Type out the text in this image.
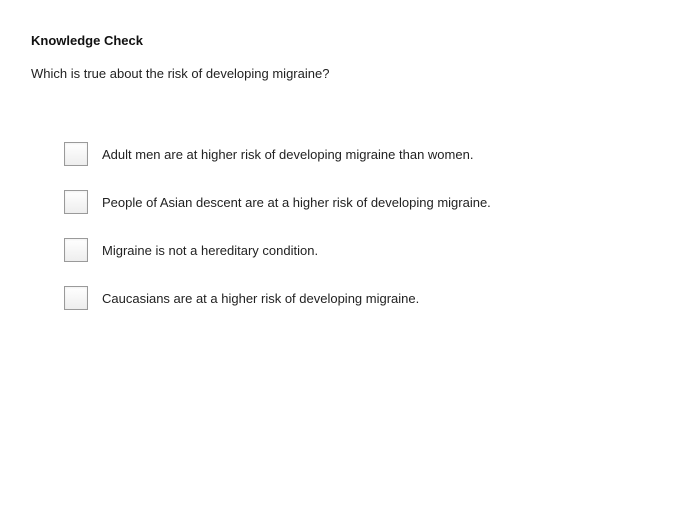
Knowledge Check
Which is true about the risk of developing migraine?
Adult men are at higher risk of developing migraine than women.
People of Asian descent are at a higher risk of developing migraine.
Migraine is not a hereditary condition.
Caucasians are at a higher risk of developing migraine.
